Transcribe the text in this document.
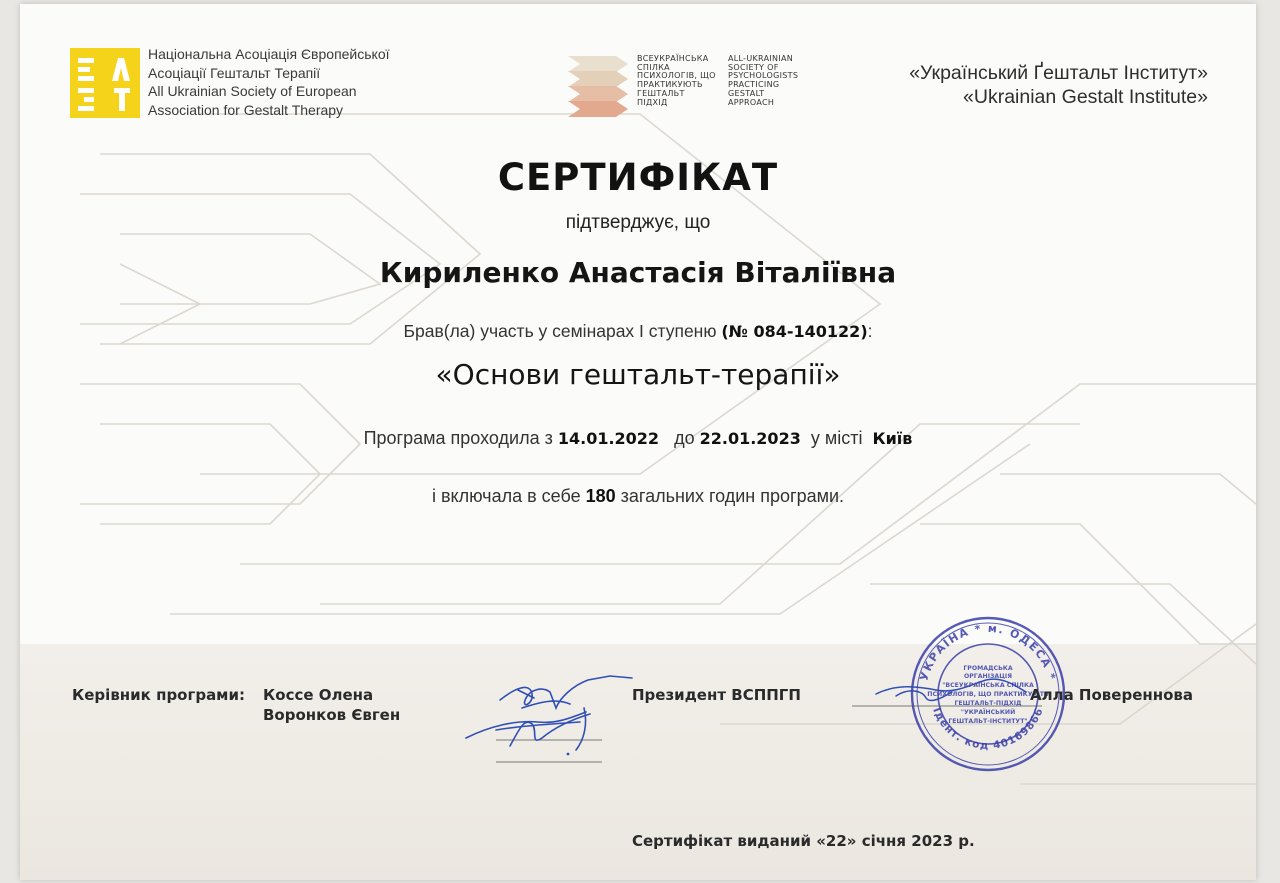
Національна Асоціація Європейської
Асоціації Гештальт Терапії
All Ukrainian Society of European
Association for Gestalt Therapy
ВСЕУКРАЇНСЬКА
СПІЛКА
ПСИХОЛОГІВ, ЩО
ПРАКТИКУЮТЬ
ГЕШТАЛЬТ
ПІДХІД
ALL-UKRAINIAN
SOCIETY OF
PSYCHOLOGISTS
PRACTICING
GESTALT
APPROACH
«Український Ґештальт Інститут»
«Ukrainian Gestalt Institute»
СЕРТИФІКАТ
підтверджує, що
Кириленко Анастасія Віталіївна
Брав(ла) участь у семінарах І ступеню (№ 084-140122):
«Основи гештальт-терапії»
Програма проходила з 14.01.2022 до 22.01.2023 у місті Київ
і включала в себе 180 загальних годин програми.
Керівник програми: Коссе Олена
Воронков Євген
Президент ВСППГП
УКРАЇНА * м. ОДЕСА *
Ідент. код 40169866
ГРОМАДСЬКА
ОРГАНІЗАЦІЯ
"ВСЕУКРАЇНСЬКА СПІЛКА
ПСИХОЛОГІВ, ЩО ПРАКТИКУЮТЬ
ГЕШТАЛЬТ-ПІДХІД
"УКРАЇНСЬКИЙ
ГЕШТАЛЬТ-ІНСТИТУТ"
Алла Повереннова
Сертифікат виданий «22» січня 2023 р.
